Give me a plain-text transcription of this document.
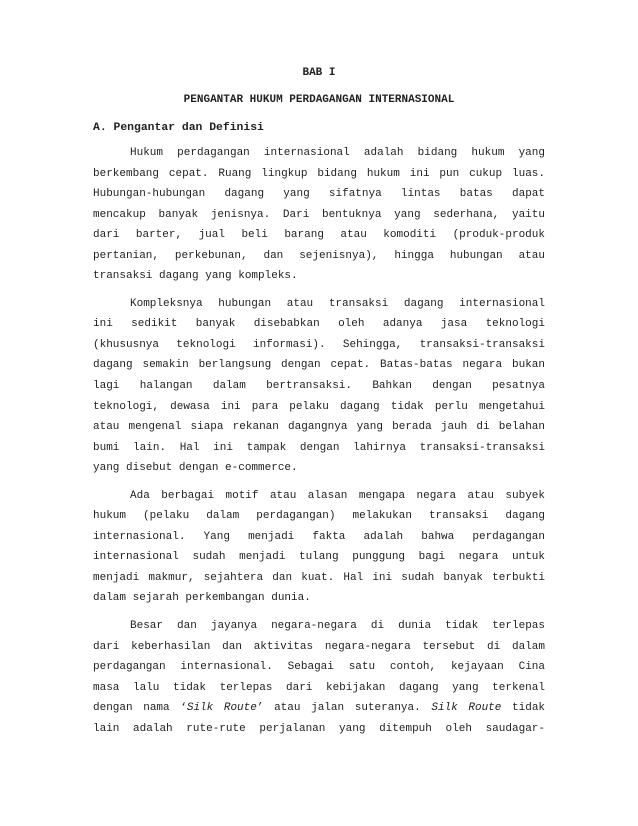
BAB I
PENGANTAR HUKUM PERDAGANGAN INTERNASIONAL
A. Pengantar dan Definisi
Hukum perdagangan internasional adalah bidang hukum yang
berkembang cepat. Ruang lingkup bidang hukum ini pun cukup luas.
Hubungan-hubungan dagang yang sifatnya lintas batas dapat
mencakup banyak jenisnya. Dari bentuknya yang sederhana, yaitu
dari barter, jual beli barang atau komoditi (produk-produk
pertanian, perkebunan, dan sejenisnya), hingga hubungan atau
transaksi dagang yang kompleks.
Kompleksnya hubungan atau transaksi dagang internasional
ini sedikit banyak disebabkan oleh adanya jasa teknologi
(khususnya teknologi informasi). Sehingga, transaksi-transaksi
dagang semakin berlangsung dengan cepat. Batas-batas negara bukan
lagi halangan dalam bertransaksi. Bahkan dengan pesatnya
teknologi, dewasa ini para pelaku dagang tidak perlu mengetahui
atau mengenal siapa rekanan dagangnya yang berada jauh di belahan
bumi lain. Hal ini tampak dengan lahirnya transaksi-transaksi
yang disebut dengan e-commerce.
Ada berbagai motif atau alasan mengapa negara atau subyek
hukum (pelaku dalam perdagangan) melakukan transaksi dagang
internasional. Yang menjadi fakta adalah bahwa perdagangan
internasional sudah menjadi tulang punggung bagi negara untuk
menjadi makmur, sejahtera dan kuat. Hal ini sudah banyak terbukti
dalam sejarah perkembangan dunia.
Besar dan jayanya negara-negara di dunia tidak terlepas
dari keberhasilan dan aktivitas negara-negara tersebut di dalam
perdagangan internasional. Sebagai satu contoh, kejayaan Cina
masa lalu tidak terlepas dari kebijakan dagang yang terkenal
dengan nama ‘Silk Route’ atau jalan suteranya. Silk Route tidak
lain adalah rute-rute perjalanan yang ditempuh oleh saudagar-
